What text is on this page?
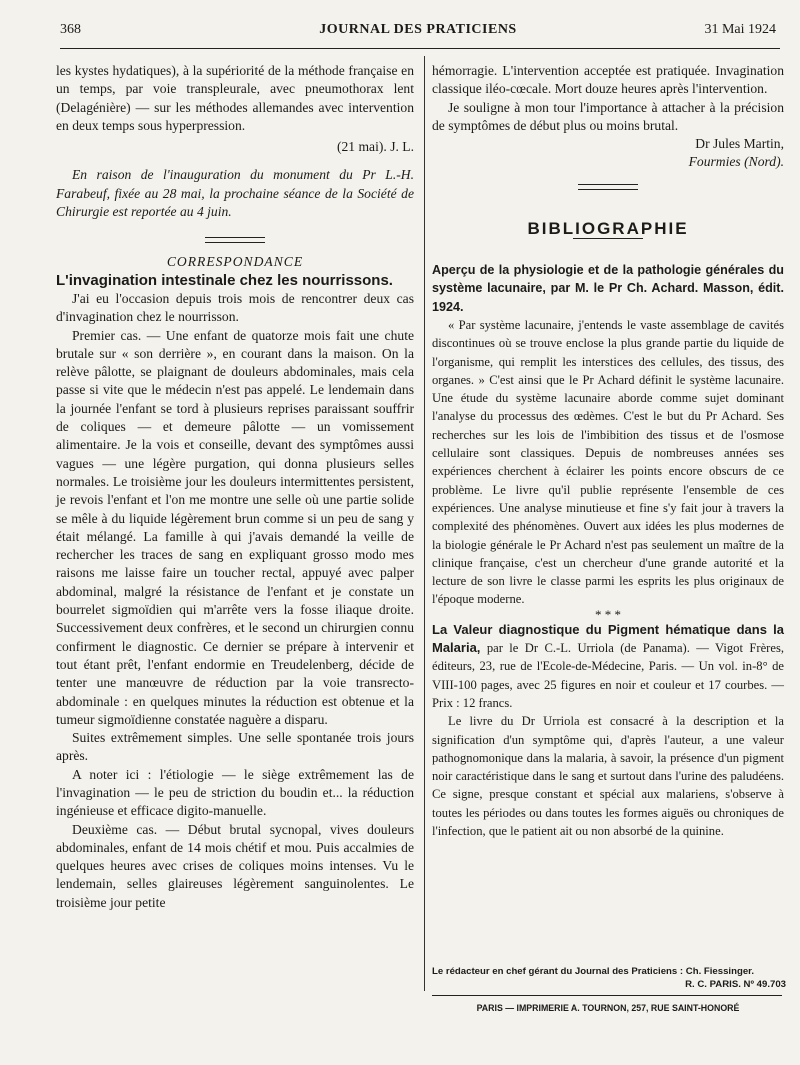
368	JOURNAL DES PRATICIENS	31 Mai 1924

les kystes hydatiques), à la supériorité de la méthode française en un temps, par voie transpleurale, avec pneumothorax lent (Delagénière) — sur les méthodes allemandes avec intervention en deux temps sous hyperpression.

(21 mai). J. L.

En raison de l'inauguration du monument du Pr L.-H. Farabeuf, fixée au 28 mai, la prochaine séance de la Société de Chirurgie est reportée au 4 juin.

CORRESPONDANCE

L'invagination intestinale chez les nourrissons.

J'ai eu l'occasion depuis trois mois de rencontrer deux cas d'invagination chez le nourrisson.

Premier cas. — Une enfant de quatorze mois fait une chute brutale sur « son derrière », en courant dans la maison. On la relève pâlotte, se plaignant de douleurs abdominales, mais cela passe si vite que le médecin n'est pas appelé. Le lendemain dans la journée l'enfant se tord à plusieurs reprises paraissant souffrir de coliques — et demeure pâlotte — un vomissement alimentaire. Je la vois et conseille, devant des symptômes aussi vagues — une légère purgation, qui donna plusieurs selles normales. Le troisième jour les douleurs intermittentes persistent, je revois l'enfant et l'on me montre une selle où une partie solide se mêle à du liquide légèrement brun comme si un peu de sang y était mélangé. La famille à qui j'avais demandé la veille de rechercher les traces de sang en expliquant grosso modo mes raisons me laisse faire un toucher rectal, appuyé avec palper abdominal, malgré la résistance de l'enfant et je constate un bourrelet sigmoïdien qui m'arrête vers la fosse iliaque droite. Successivement deux confrères, et le second un chirurgien connu confirment le diagnostic. Ce dernier se prépare à intervenir et tout étant prêt, l'enfant endormie en Treudelenberg, décide de tenter une manœuvre de réduction par la voie transrecto-abdominale : en quelques minutes la réduction est obtenue et la tumeur sigmoïdienne constatée naguère a disparu.

Suites extrêmement simples. Une selle spontanée trois jours après.

A noter ici : l'étiologie — le siège extrêmement las de l'invagination — le peu de striction du boudin et... la réduction ingénieuse et efficace digito-manuelle.

Deuxième cas. — Début brutal sycnopal, vives douleurs abdominales, enfant de 14 mois chétif et mou. Puis accalmies de quelques heures avec crises de coliques moins intenses. Vu le lendemain, selles glaireuses légèrement sanguinolentes. Le troisième jour petite

hémorragie. L'intervention acceptée est pratiquée. Invagination classique iléo-cœcale. Mort douze heures après l'intervention.

Je souligne à mon tour l'importance à attacher à la précision de symptômes de début plus ou moins brutal.

Dr Jules Martin,

Fourmies (Nord).

BIBLIOGRAPHIE

Aperçu de la physiologie et de la pathologie générales du système lacunaire, par M. le Pr Ch. Achard. Masson, édit. 1924.

« Par système lacunaire, j'entends le vaste assemblage de cavités discontinues où se trouve enclose la plus grande partie du liquide de l'organisme, qui remplit les interstices des cellules, des tissus, des organes. » C'est ainsi que le Pr Achard définit le système lacunaire. Une étude du système lacunaire aborde comme sujet dominant l'analyse du processus des œdèmes. C'est le but du Pr Achard. Ses recherches sur les lois de l'imbibition des tissus et de l'osmose cellulaire sont classiques. Depuis de nombreuses années ses expériences cherchent à éclairer les points encore obscurs de ce problème. Le livre qu'il publie représente l'ensemble de ces expériences. Une analyse minutieuse et fine s'y fait jour à travers la complexité des phénomènes. Ouvert aux idées les plus modernes de la biologie générale le Pr Achard n'est pas seulement un maître de la clinique française, c'est un chercheur d'une grande autorité et la lecture de son livre le classe parmi les esprits les plus originaux de l'époque moderne.

* * *

La Valeur diagnostique du Pigment hématique dans la Malaria, par le Dr C.-L. Urriola (de Panama). — Vigot Frères, éditeurs, 23, rue de l'Ecole-de-Médecine, Paris. — Un vol. in-8° de VIII-100 pages, avec 25 figures en noir et couleur et 17 courbes. — Prix : 12 francs.

Le livre du Dr Urriola est consacré à la description et la signification d'un symptôme qui, d'après l'auteur, a une valeur pathognomonique dans la malaria, à savoir, la présence d'un pigment noir caractéristique dans le sang et surtout dans l'urine des paludéens. Ce signe, presque constant et spécial aux malariens, s'observe à toutes les périodes ou dans toutes les formes aiguës ou chroniques de l'infection, que le patient ait ou non absorbé de la quinine.

Le rédacteur en chef gérant du Journal des Praticiens : Ch. Fiessinger.
R. C. PARIS. Nº 49.703
PARIS — IMPRIMERIE A. TOURNON, 257, RUE SAINT-HONORÉ
